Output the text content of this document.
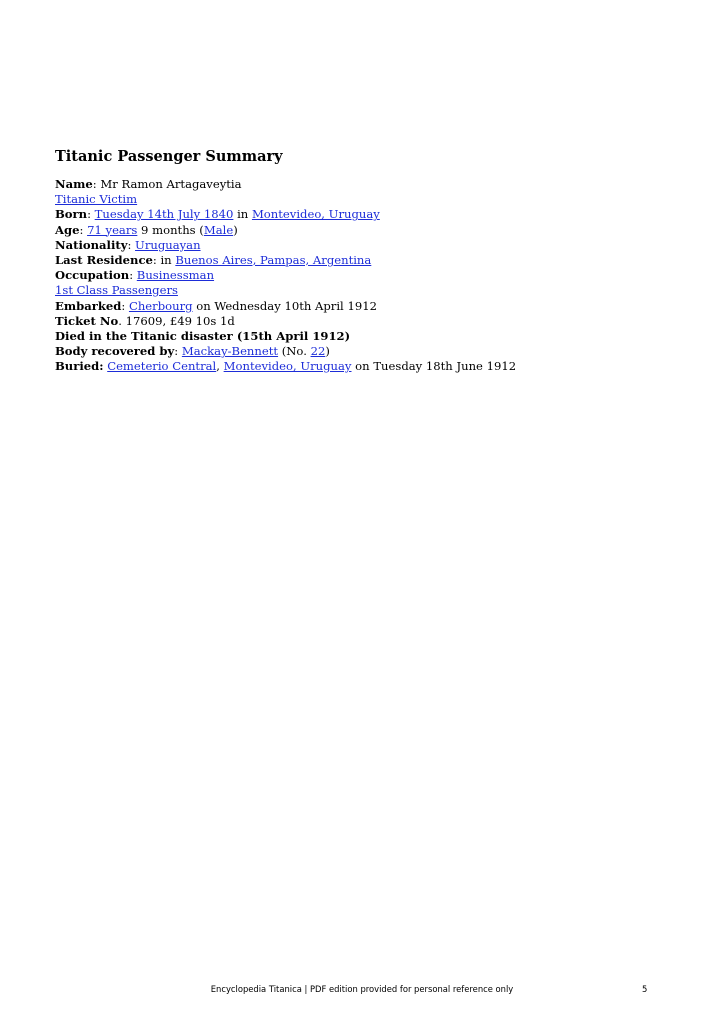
Titanic Passenger Summary
Name: Mr Ramon Artagaveytia
Titanic Victim
Born: Tuesday 14th July 1840 in Montevideo, Uruguay
Age: 71 years 9 months (Male)
Nationality: Uruguayan
Last Residence: in Buenos Aires, Pampas, Argentina
Occupation: Businessman
1st Class Passengers
Embarked: Cherbourg on Wednesday 10th April 1912
Ticket No. 17609, £49 10s 1d
Died in the Titanic disaster (15th April 1912)
Body recovered by: Mackay-Bennett (No. 22)
Buried: Cemeterio Central, Montevideo, Uruguay on Tuesday 18th June 1912
Encyclopedia Titanica | PDF edition provided for personal reference only	5
